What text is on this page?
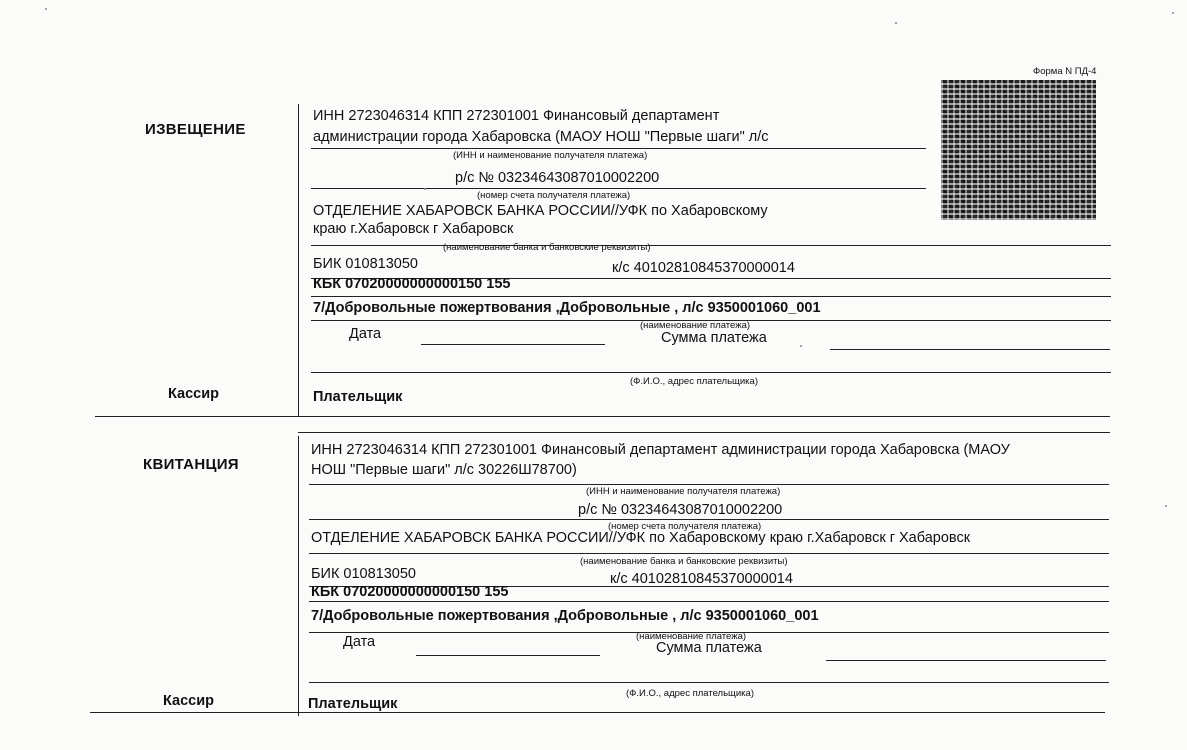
Форма N ПД-4
ИЗВЕЩЕНИЕ
ИНН 2723046314 КПП 272301001 Финансовый департамент
администрации города Хабаровска (МАОУ НОШ "Первые шаги" л/с
(ИНН и наименование получателя платежа)
р/с № 03234643087010002200
(номер счета получателя платежа)
ОТДЕЛЕНИЕ ХАБАРОВСК БАНКА РОССИИ//УФК по Хабаровскому
краю г.Хабаровск г Хабаровск
(наименование банка и банковские реквизиты)
БИК 010813050	к/с 40102810845370000014
КБК 07020000000000150 155
7/Добровольные пожертвования ,Добровольные , л/с 9350001060_001
(наименование платежа)
Дата	Сумма платежа
(Ф.И.О., адрес плательщика)
Кассир	Плательщик
КВИТАНЦИЯ
ИНН 2723046314 КПП 272301001 Финансовый департамент администрации города Хабаровска (МАОУ
НОШ "Первые шаги" л/с 30226Ш78700)
(ИНН и наименование получателя платежа)
р/с № 03234643087010002200
(номер счета получателя платежа)
ОТДЕЛЕНИЕ ХАБАРОВСК БАНКА РОССИИ//УФК по Хабаровскому краю г.Хабаровск г Хабаровск
(наименование банка и банковские реквизиты)
БИК 010813050	к/с 40102810845370000014
КБК 07020000000000150 155
7/Добровольные пожертвования ,Добровольные , л/с 9350001060_001
(наименование платежа)
Дата	Сумма платежа
(Ф.И.О., адрес плательщика)
Кассир	Плательщик
